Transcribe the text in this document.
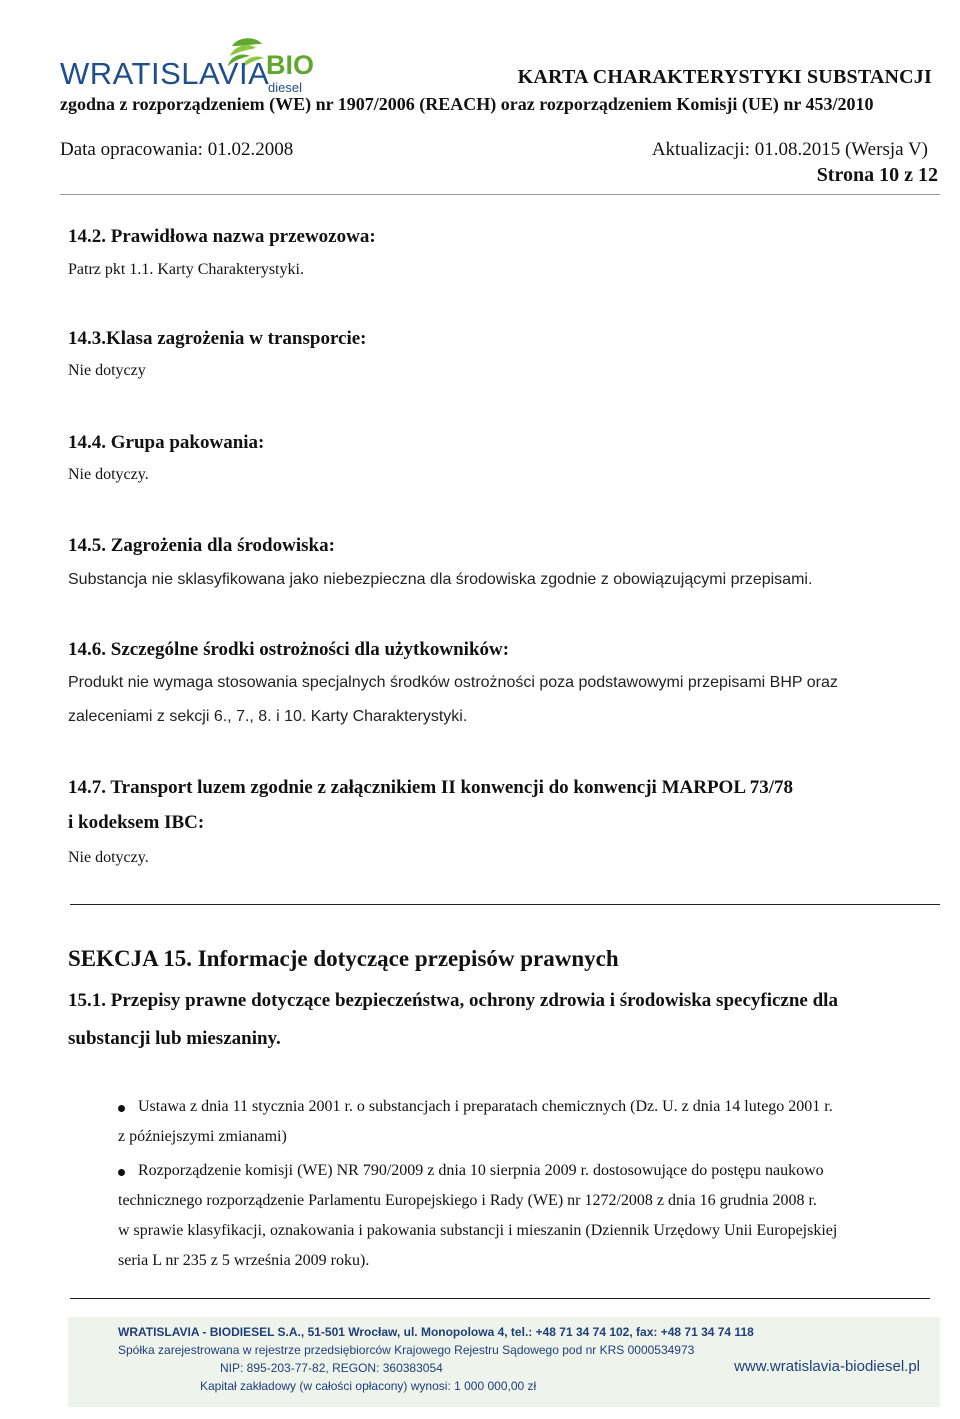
WRATISLAVIA
BIO
diesel	KARTA CHARAKTERYSTYKI SUBSTANCJI
zgodna z rozporządzeniem (WE) nr 1907/2006 (REACH) oraz rozporządzeniem Komisji (UE) nr 453/2010
Data opracowania: 01.02.2008	Aktualizacji: 01.08.2015 (Wersja V)
Strona 10 z 12
14.2. Prawidłowa nazwa przewozowa:
Patrz pkt 1.1. Karty Charakterystyki.
14.3.Klasa zagrożenia w transporcie:
Nie dotyczy
14.4. Grupa pakowania:
Nie dotyczy.
14.5. Zagrożenia dla środowiska:
Substancja nie sklasyfikowana jako niebezpieczna dla środowiska zgodnie z obowiązującymi przepisami.
14.6. Szczególne środki ostrożności dla użytkowników:
Produkt nie wymaga stosowania specjalnych środków ostrożności poza podstawowymi przepisami BHP oraz
zaleceniami z sekcji 6., 7., 8. i 10. Karty Charakterystyki.
14.7. Transport luzem zgodnie z załącznikiem II konwencji do konwencji MARPOL 73/78
i kodeksem IBC:
Nie dotyczy.
SEKCJA 15. Informacje dotyczące przepisów prawnych
15.1. Przepisy prawne dotyczące bezpieczeństwa, ochrony zdrowia i środowiska specyficzne dla
substancji lub mieszaniny.
Ustawa z dnia 11 stycznia 2001 r. o substancjach i preparatach chemicznych (Dz. U. z dnia 14 lutego 2001 r.
z późniejszymi zmianami)
Rozporządzenie komisji (WE) NR 790/2009 z dnia 10 sierpnia 2009 r. dostosowujące do postępu naukowo
technicznego rozporządzenie Parlamentu Europejskiego i Rady (WE) nr 1272/2008 z dnia 16 grudnia 2008 r.
w sprawie klasyfikacji, oznakowania i pakowania substancji i mieszanin (Dziennik Urzędowy Unii Europejskiej
seria L nr 235 z 5 września 2009 roku).
WRATISLAVIA - BIODIESEL S.A., 51-501 Wrocław, ul. Monopolowa 4, tel.: +48 71 34 74 102, fax: +48 71 34 74 118
Spółka zarejestrowana w rejestrze przedsiębiorców Krajowego Rejestru Sądowego pod nr KRS 0000534973
NIP: 895-203-77-82, REGON: 360383054
Kapitał zakładowy (w całości opłacony) wynosi: 1 000 000,00 zł
www.wratislavia-biodiesel.pl
